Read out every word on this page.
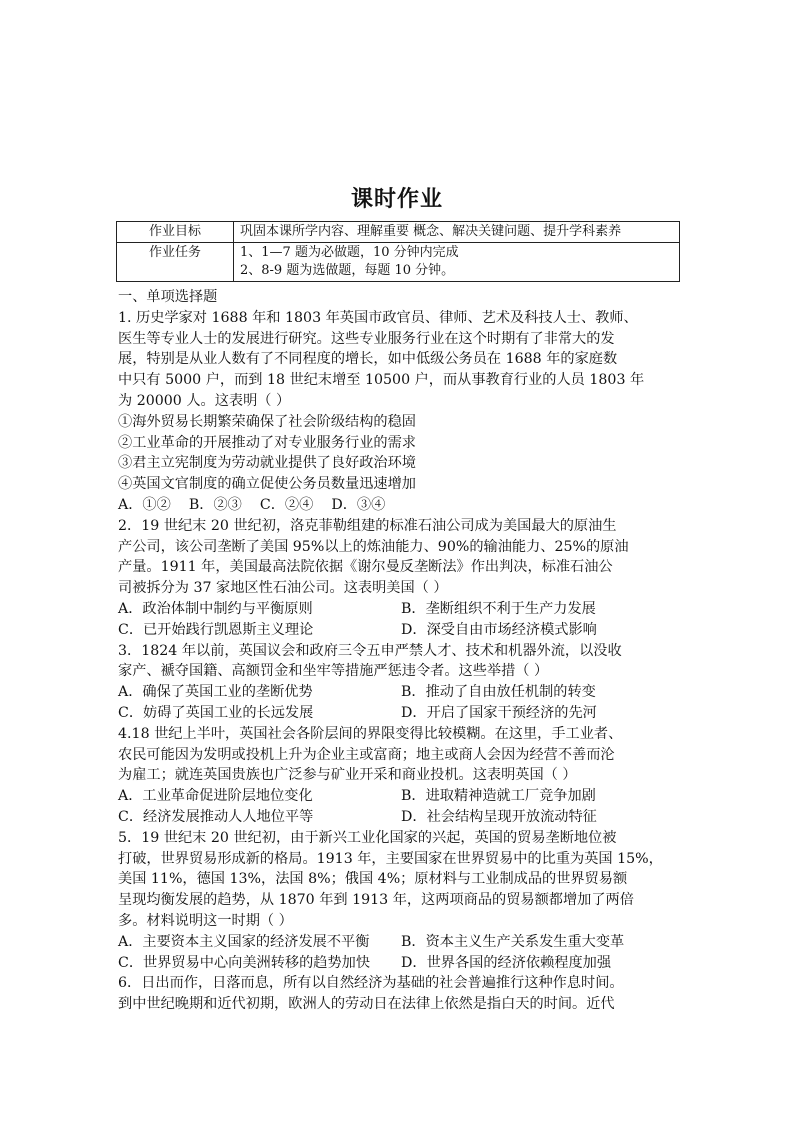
课时作业
作业目标	巩固本课所学内容、理解重要 概念、解决关键问题、提升学科素养

作业任务	1、1—7 题为必做题，10 分钟内完成
2、8-9 题为选做题，每题 10 分钟。

一、单项选择题

1. 历史学家对 1688 年和 1803 年英国市政官员、律师、艺术及科技人士、教师、

医生等专业人士的发展进行研究。这些专业服务行业在这个时期有了非常大的发

展，特别是从业人数有了不同程度的增长，如中低级公务员在 1688 年的家庭数

中只有 5000 户，而到 18 世纪末增至 10500 户，而从事教育行业的人员 1803 年

为 20000 人。这表明（ ）

①海外贸易长期繁荣确保了社会阶级结构的稳固

②工业革命的开展推动了对专业服务行业的需求

③君主立宪制度为劳动就业提供了良好政治环境

④英国文官制度的确立促使公务员数量迅速增加

A．①②    B．②③    C．②④    D．③④

2．19 世纪末 20 世纪初，洛克菲勒组建的标准石油公司成为美国最大的原油生

产公司，该公司垄断了美国 95%以上的炼油能力、90%的输油能力、25%的原油

产量。1911 年，美国最高法院依据《谢尔曼反垄断法》作出判决，标准石油公

司被拆分为 37 家地区性石油公司。这表明美国（ ）

A．政治体制中制约与平衡原则	B．垄断组织不利于生产力发展
C．已开始践行凯恩斯主义理论	D．深受自由市场经济模式影响

3．1824 年以前，英国议会和政府三令五申严禁人才、技术和机器外流，以没收

家产、褫夺国籍、高额罚金和坐牢等措施严惩违令者。这些举措（ ）

A．确保了英国工业的垄断优势	B．推动了自由放任机制的转变
C．妨碍了英国工业的长远发展	D．开启了国家干预经济的先河

4.18 世纪上半叶，英国社会各阶层间的界限变得比较模糊。在这里，手工业者、

农民可能因为发明或投机上升为企业主或富商；地主或商人会因为经营不善而沦

为雇工；就连英国贵族也广泛参与矿业开采和商业投机。这表明英国（ ）

A．工业革命促进阶层地位变化	B．进取精神造就工厂竞争加剧
C．经济发展推动人人地位平等	D．社会结构呈现开放流动特征

5．19 世纪末 20 世纪初，由于新兴工业化国家的兴起，英国的贸易垄断地位被

打破，世界贸易形成新的格局。1913 年，主要国家在世界贸易中的比重为英国 15%，

美国 11%，德国 13%，法国 8%；俄国 4%；原材料与工业制成品的世界贸易额

呈现均衡发展的趋势，从 1870 年到 1913 年，这两项商品的贸易额都增加了两倍

多。材料说明这一时期（ ）

A．主要资本主义国家的经济发展不平衡	B．资本主义生产关系发生重大变革
C．世界贸易中心向美洲转移的趋势加快	D．世界各国的经济依赖程度加强

6．日出而作，日落而息，所有以自然经济为基础的社会普遍推行这种作息时间。

到中世纪晚期和近代初期，欧洲人的劳动日在法律上依然是指白天的时间。近代
